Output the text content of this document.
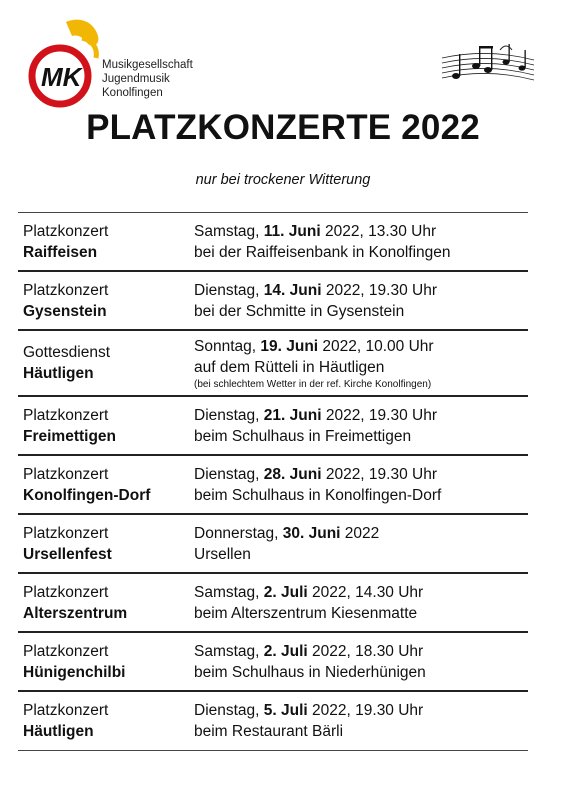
MK Musikgesellschaft
Jugendmusik
Konolfingen
PLATZKONZERTE 2022
nur bei trockener Witterung
Platzkonzert
Raiffeisen
Samstag, 11. Juni 2022, 13.30 Uhr
bei der Raiffeisenbank in Konolfingen
Platzkonzert
Gysenstein
Dienstag, 14. Juni 2022, 19.30 Uhr
bei der Schmitte in Gysenstein
Gottesdienst
Häutligen
Sonntag, 19. Juni 2022, 10.00 Uhr
auf dem Rütteli in Häutligen
(bei schlechtem Wetter in der ref. Kirche Konolfingen)
Platzkonzert
Freimettigen
Dienstag, 21. Juni 2022, 19.30 Uhr
beim Schulhaus in Freimettigen
Platzkonzert
Konolfingen-Dorf
Dienstag, 28. Juni 2022, 19.30 Uhr
beim Schulhaus in Konolfingen-Dorf
Platzkonzert
Ursellenfest
Donnerstag, 30. Juni 2022
Ursellen
Platzkonzert
Alterszentrum
Samstag, 2. Juli 2022, 14.30 Uhr
beim Alterszentrum Kiesenmatte
Platzkonzert
Hünigenchilbi
Samstag, 2. Juli 2022, 18.30 Uhr
beim Schulhaus in Niederhünigen
Platzkonzert
Häutligen
Dienstag, 5. Juli 2022, 19.30 Uhr
beim Restaurant Bärli
